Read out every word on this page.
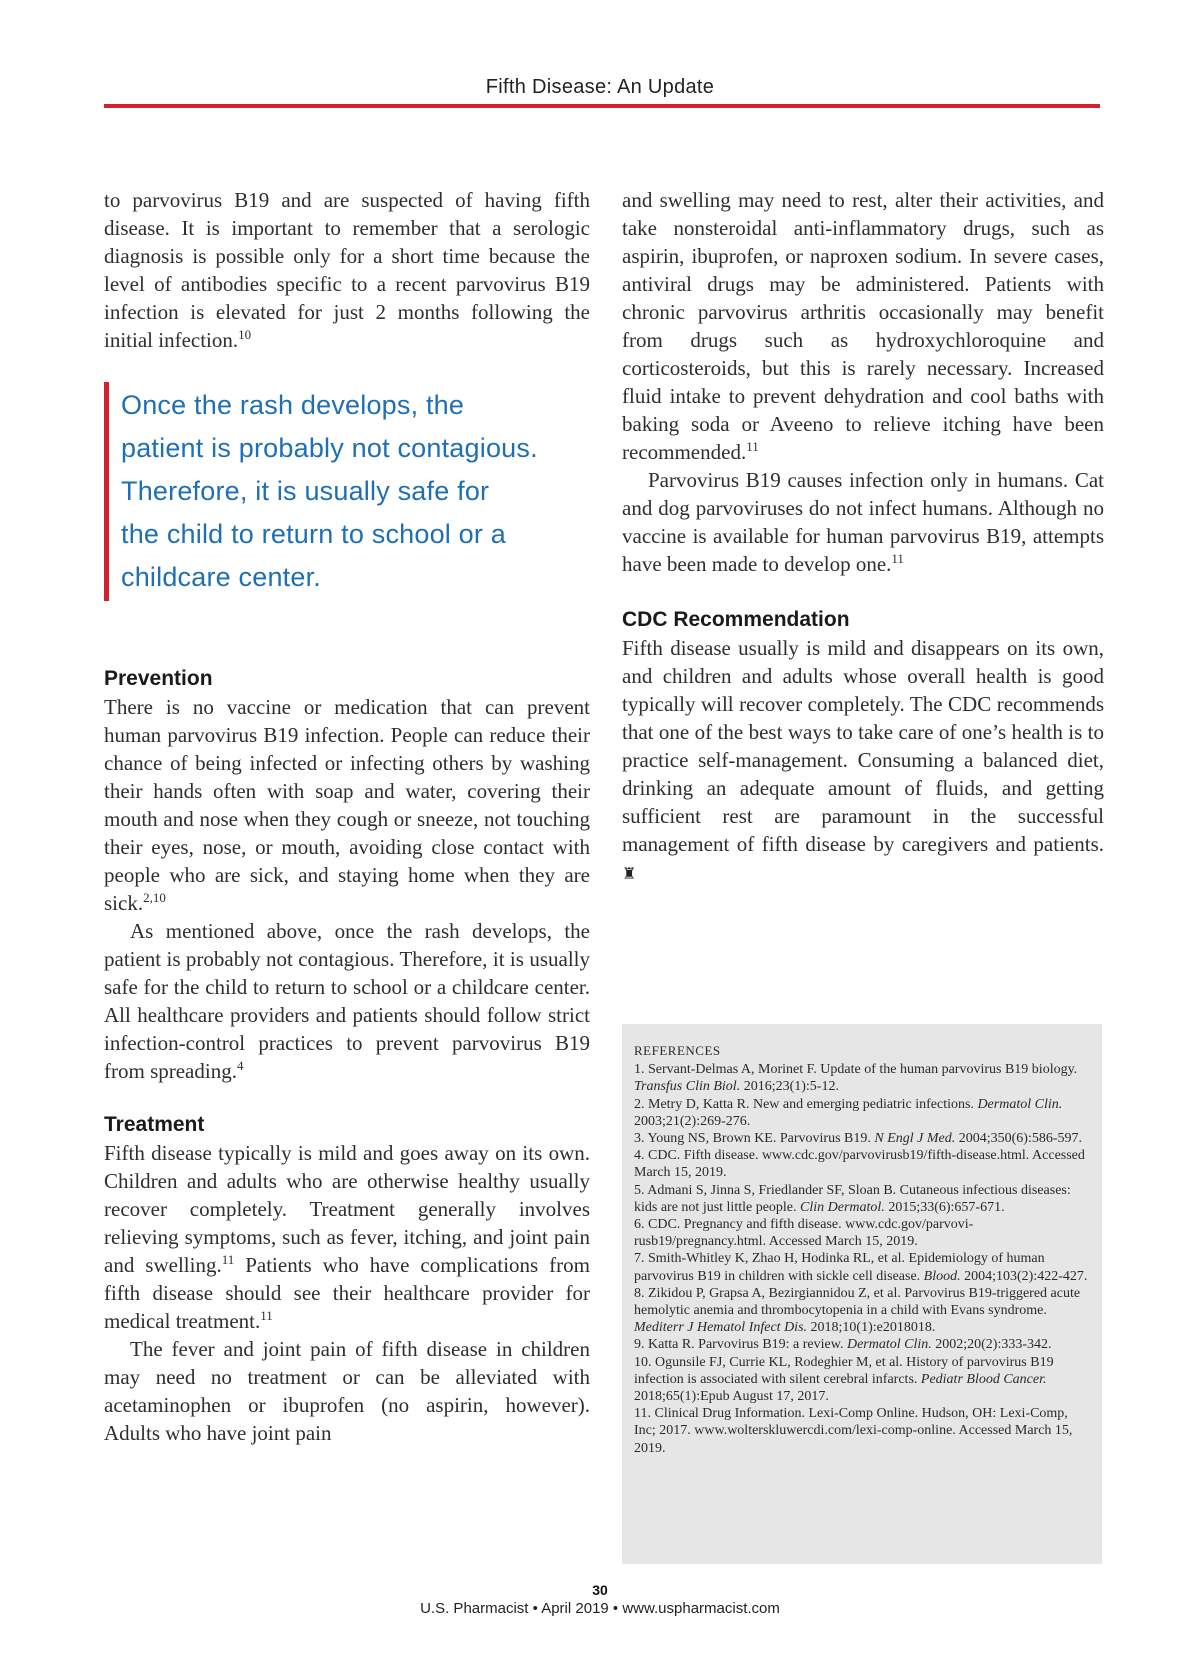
Fifth Disease: An Update

to parvovirus B19 and are suspected of having fifth disease. It is important to remember that a serologic diagnosis is possible only for a short time because the level of antibodies specific to a recent parvovirus B19 infection is elevated for just 2 months following the initial infection.$^{10}$

Once the rash develops, the
patient is probably not contagious.
Therefore, it is usually safe for
the child to return to school or a
childcare center.
Prevention

There is no vaccine or medication that can prevent human parvovirus B19 infection. People can reduce their chance of being infected or infecting others by washing their hands often with soap and water, covering their mouth and nose when they cough or sneeze, not touching their eyes, nose, or mouth, avoiding close contact with people who are sick, and staying home when they are sick.$^{2,10}$

As mentioned above, once the rash develops, the patient is probably not contagious. Therefore, it is usually safe for the child to return to school or a childcare center. All healthcare providers and patients should follow strict infection-control practices to prevent parvovirus B19 from spreading.$^4$

Treatment

Fifth disease typically is mild and goes away on its own. Children and adults who are otherwise healthy usually recover completely. Treatment generally involves relieving symptoms, such as fever, itching, and joint pain and swelling.$^{11}$ Patients who have complications from fifth disease should see their healthcare provider for medical treatment.$^{11}$

The fever and joint pain of fifth disease in children may need no treatment or can be alleviated with acetaminophen or ibuprofen (no aspirin, however). Adults who have joint pain

and swelling may need to rest, alter their activities, and take nonsteroidal anti-inflammatory drugs, such as aspirin, ibuprofen, or naproxen sodium. In severe cases, antiviral drugs may be administered. Patients with chronic parvovirus arthritis occasionally may benefit from drugs such as hydroxychloroquine and corticosteroids, but this is rarely necessary. Increased fluid intake to prevent dehydration and cool baths with baking soda or Aveeno to relieve itching have been recommended.$^{11}$

Parvovirus B19 causes infection only in humans. Cat and dog parvoviruses do not infect humans. Although no vaccine is available for human parvovirus B19, attempts have been made to develop one.$^{11}$

CDC Recommendation

Fifth disease usually is mild and disappears on its own, and children and adults whose overall health is good typically will recover completely. The CDC recommends that one of the best ways to take care of one’s health is to practice self-management. Consuming a balanced diet, drinking an adequate amount of fluids, and getting sufficient rest are paramount in the successful management of fifth disease by caregivers and patients. ♜

REFERENCES

1. Servant-Delmas A, Morinet F. Update of the human parvovirus B19 biology. Transfus Clin Biol. 2016;23(1):5-12.

2. Metry D, Katta R. New and emerging pediatric infections. Dermatol Clin. 2003;21(2):269-276.

3. Young NS, Brown KE. Parvovirus B19. N Engl J Med. 2004;350(6):586-597.

4. CDC. Fifth disease. www.cdc.gov/parvovirusb19/fifth-disease.html. Accessed March 15, 2019.

5. Admani S, Jinna S, Friedlander SF, Sloan B. Cutaneous infectious diseases: kids are not just little people. Clin Dermatol. 2015;33(6):657-671.

6. CDC. Pregnancy and fifth disease. www.cdc.gov/parvovirusb19/pregnancy.html. Accessed March 15, 2019.

7. Smith-Whitley K, Zhao H, Hodinka RL, et al. Epidemiology of human parvovirus B19 in children with sickle cell disease. Blood. 2004;103(2):422-427.

8. Zikidou P, Grapsa A, Bezirgiannidou Z, et al. Parvovirus B19-triggered acute hemolytic anemia and thrombocytopenia in a child with Evans syndrome. Mediterr J Hematol Infect Dis. 2018;10(1):e2018018.

9. Katta R. Parvovirus B19: a review. Dermatol Clin. 2002;20(2):333-342.

10. Ogunsile FJ, Currie KL, Rodeghier M, et al. History of parvovirus B19 infection is associated with silent cerebral infarcts. Pediatr Blood Cancer. 2018;65(1):Epub August 17, 2017.

11. Clinical Drug Information. Lexi-Comp Online. Hudson, OH: Lexi-Comp, Inc; 2017. www.wolterskluwercdi.com/lexi-comp-online. Accessed March 15, 2019.

30
U.S. Pharmacist • April 2019 • www.uspharmacist.com
